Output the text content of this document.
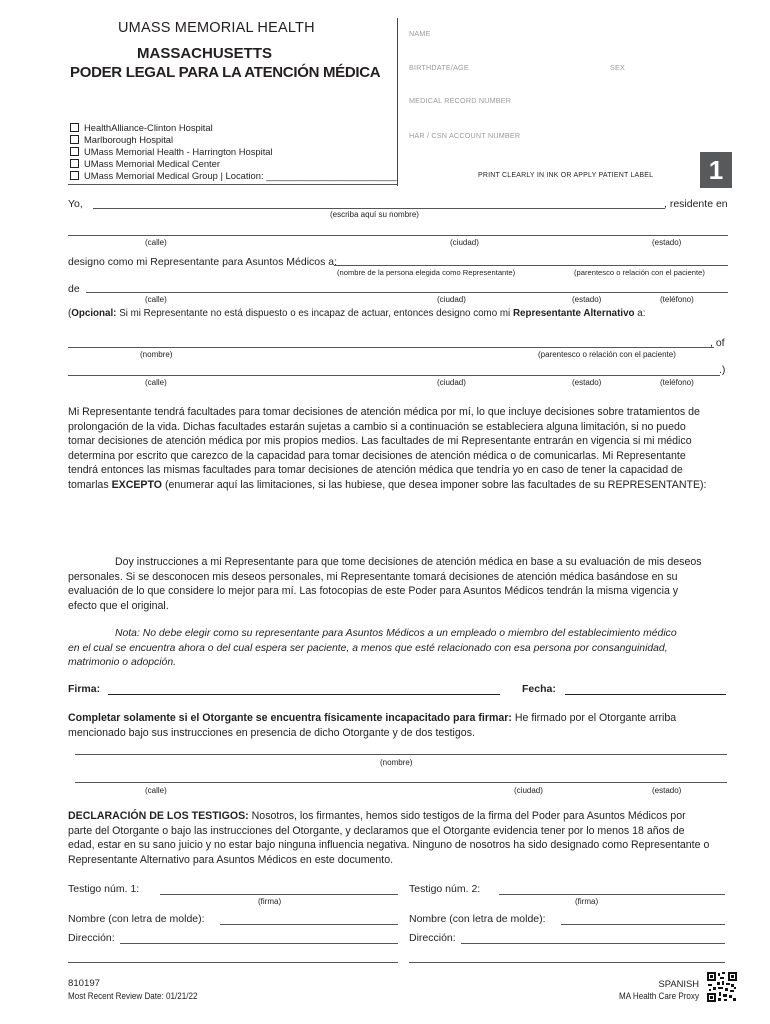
UMASS MEMORIAL HEALTH
MASSACHUSETTS
PODER LEGAL PARA LA ATENCIÓN MÉDICA
HealthAlliance-Clinton Hospital
Marlborough Hospital
UMass Memorial Health - Harrington Hospital
UMass Memorial Medical Center
UMass Memorial Medical Group | Location: _________________________
NAME
BIRTHDATE/AGE	SEX
MEDICAL RECORD NUMBER
HAR / CSN ACCOUNT NUMBER
PRINT CLEARLY IN INK OR APPLY PATIENT LABEL	1
Yo,	, residente en
(escriba aquí su nombre)
(calle)	(ciudad)	(estado)
designo como mi Representante para Asuntos Médicos a:
(nombre de la persona elegida como Representante)	(parentesco o relación con el paciente)
de
(calle)	(ciudad)	(estado)	(teléfono)
(Opcional: Si mi Representante no está dispuesto o es incapaz de actuar, entonces designo como mi Representante Alternativo a:
, of
(nombre)	(parentesco o relación con el paciente)
.)
(calle)	(ciudad)	(estado)	(teléfono)
Mi Representante tendrá facultades para tomar decisiones de atención médica por mí, lo que incluye decisiones sobre tratamientos de
prolongación de la vida. Dichas facultades estarán sujetas a cambio si a continuación se estableciera alguna limitación, si no puedo
tomar decisiones de atención médica por mis propios medios. Las facultades de mi Representante entrarán en vigencia si mi médico
determina por escrito que carezco de la capacidad para tomar decisiones de atención médica o de comunicarlas. Mi Representante
tendrá entonces las mismas facultades para tomar decisiones de atención médica que tendría yo en caso de tener la capacidad de
tomarlas EXCEPTO (enumerar aquí las limitaciones, si las hubiese, que desea imponer sobre las facultades de su REPRESENTANTE):
Doy instrucciones a mi Representante para que tome decisiones de atención médica en base a su evaluación de mis deseos
personales. Si se desconocen mis deseos personales, mi Representante tomará decisiones de atención médica basándose en su
evaluación de lo que considere lo mejor para mí. Las fotocopias de este Poder para Asuntos Médicos tendrán la misma vigencia y
efecto que el original.
Nota: No debe elegir como su representante para Asuntos Médicos a un empleado o miembro del establecimiento médico
en el cual se encuentra ahora o del cual espera ser paciente, a menos que esté relacionado con esa persona por consanguinidad,
matrimonio o adopción.
Firma:	Fecha:
Completar solamente si el Otorgante se encuentra físicamente incapacitado para firmar: He firmado por el Otorgante arriba
mencionado bajo sus instrucciones en presencia de dicho Otorgante y de dos testigos.
(nombre)
(calle)	(ciudad)	(estado)
DECLARACIÓN DE LOS TESTIGOS: Nosotros, los firmantes, hemos sido testigos de la firma del Poder para Asuntos Médicos por
parte del Otorgante o bajo las instrucciones del Otorgante, y declaramos que el Otorgante evidencia tener por lo menos 18 años de
edad, estar en su sano juicio y no estar bajo ninguna influencia negativa. Ninguno de nosotros ha sido designado como Representante o
Representante Alternativo para Asuntos Médicos en este documento.
Testigo núm. 1:
(firma)
Testigo núm. 2:
(firma)
Nombre (con letra de molde):	Nombre (con letra de molde):
Dirección:	Dirección:
810197
Most Recent Review Date: 01/21/22
SPANISH
MA Health Care Proxy
